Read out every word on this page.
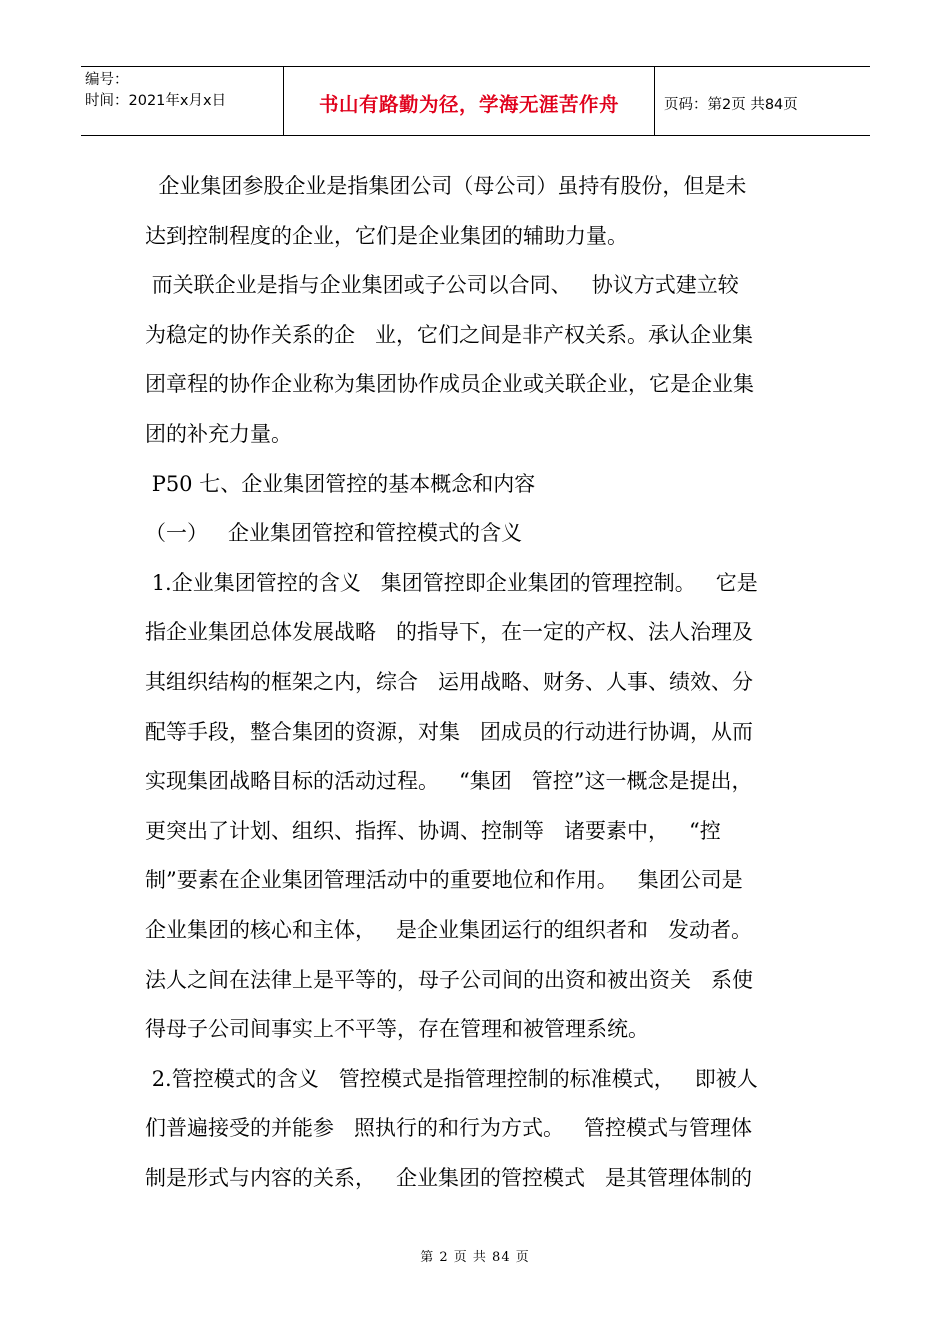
编号：
时间：2021年x月x日	书山有路勤为径，学海无涯苦作舟	页码：第2页 共84页

企业集团参股企业是指集团公司（母公司）虽持有股份，但是未

达到控制程度的企业，它们是企业集团的辅助力量。

而关联企业是指与企业集团或子公司以合同、   协议方式建立较

为稳定的协作关系的企   业，它们之间是非产权关系。承认企业集

团章程的协作企业称为集团协作成员企业或关联企业，它是企业集

团的补充力量。

P50 七、企业集团管控的基本概念和内容

（一）   企业集团管控和管控模式的含义

1.企业集团管控的含义   集团管控即企业集团的管理控制。   它是

指企业集团总体发展战略   的指导下，在一定的产权、法人治理及

其组织结构的框架之内，综合   运用战略、财务、人事、绩效、分

配等手段，整合集团的资源，对集   团成员的行动进行协调，从而

实现集团战略目标的活动过程。   “集团   管控”这一概念是提出，

更突出了计划、组织、指挥、协调、控制等   诸要素中，   “控

制”要素在企业集团管理活动中的重要地位和作用。   集团公司是

企业集团的核心和主体，   是企业集团运行的组织者和   发动者。

法人之间在法律上是平等的，母子公司间的出资和被出资关   系使

得母子公司间事实上不平等，存在管理和被管理系统。

2.管控模式的含义   管控模式是指管理控制的标准模式，   即被人

们普遍接受的并能参   照执行的和行为方式。   管控模式与管理体

制是形式与内容的关系，   企业集团的管控模式   是其管理体制的

第 2 页 共 84 页
